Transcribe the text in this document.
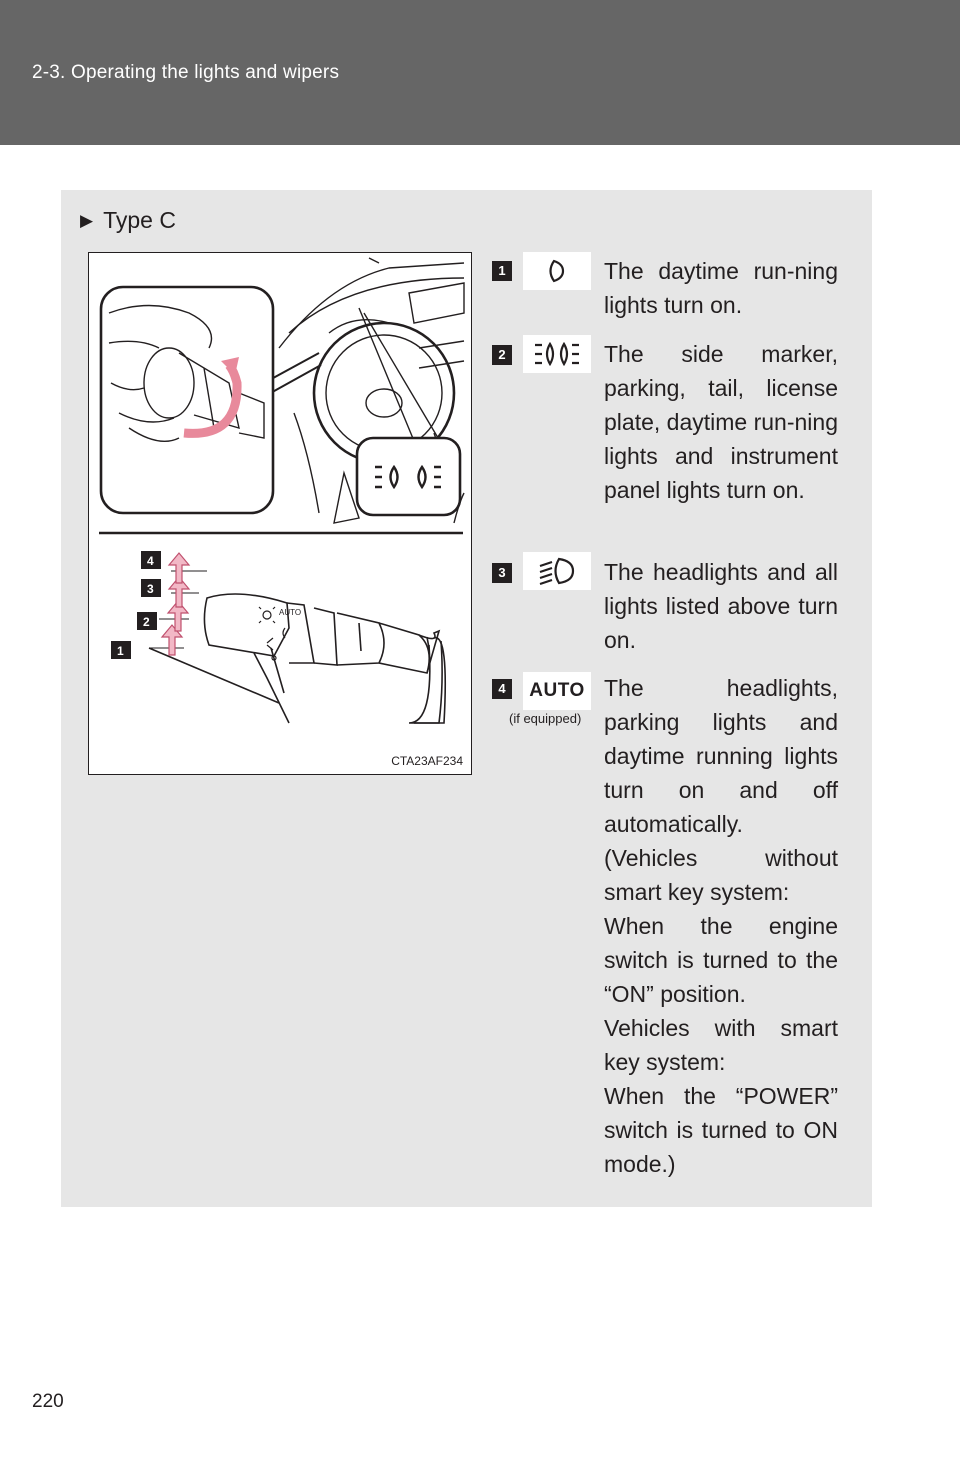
2-3. Operating the lights and wipers
▶ Type C
AUTO
4
3
2
1
CTA23AF234
1	The daytime run-ning lights turn on.

2	The side marker, parking, tail, license plate, daytime run-ning lights and instrument panel lights turn on.

3	The headlights and all lights listed above turn on.

4	AUTO
(if equipped)

The headlights, parking lights and daytime running lights turn on and off automatically.

(Vehicles without smart key system:

When the engine switch is turned to the “ON” position.

Vehicles with smart key system:

When the “POWER” switch is turned to ON mode.)

220
carmanualsonline.info
